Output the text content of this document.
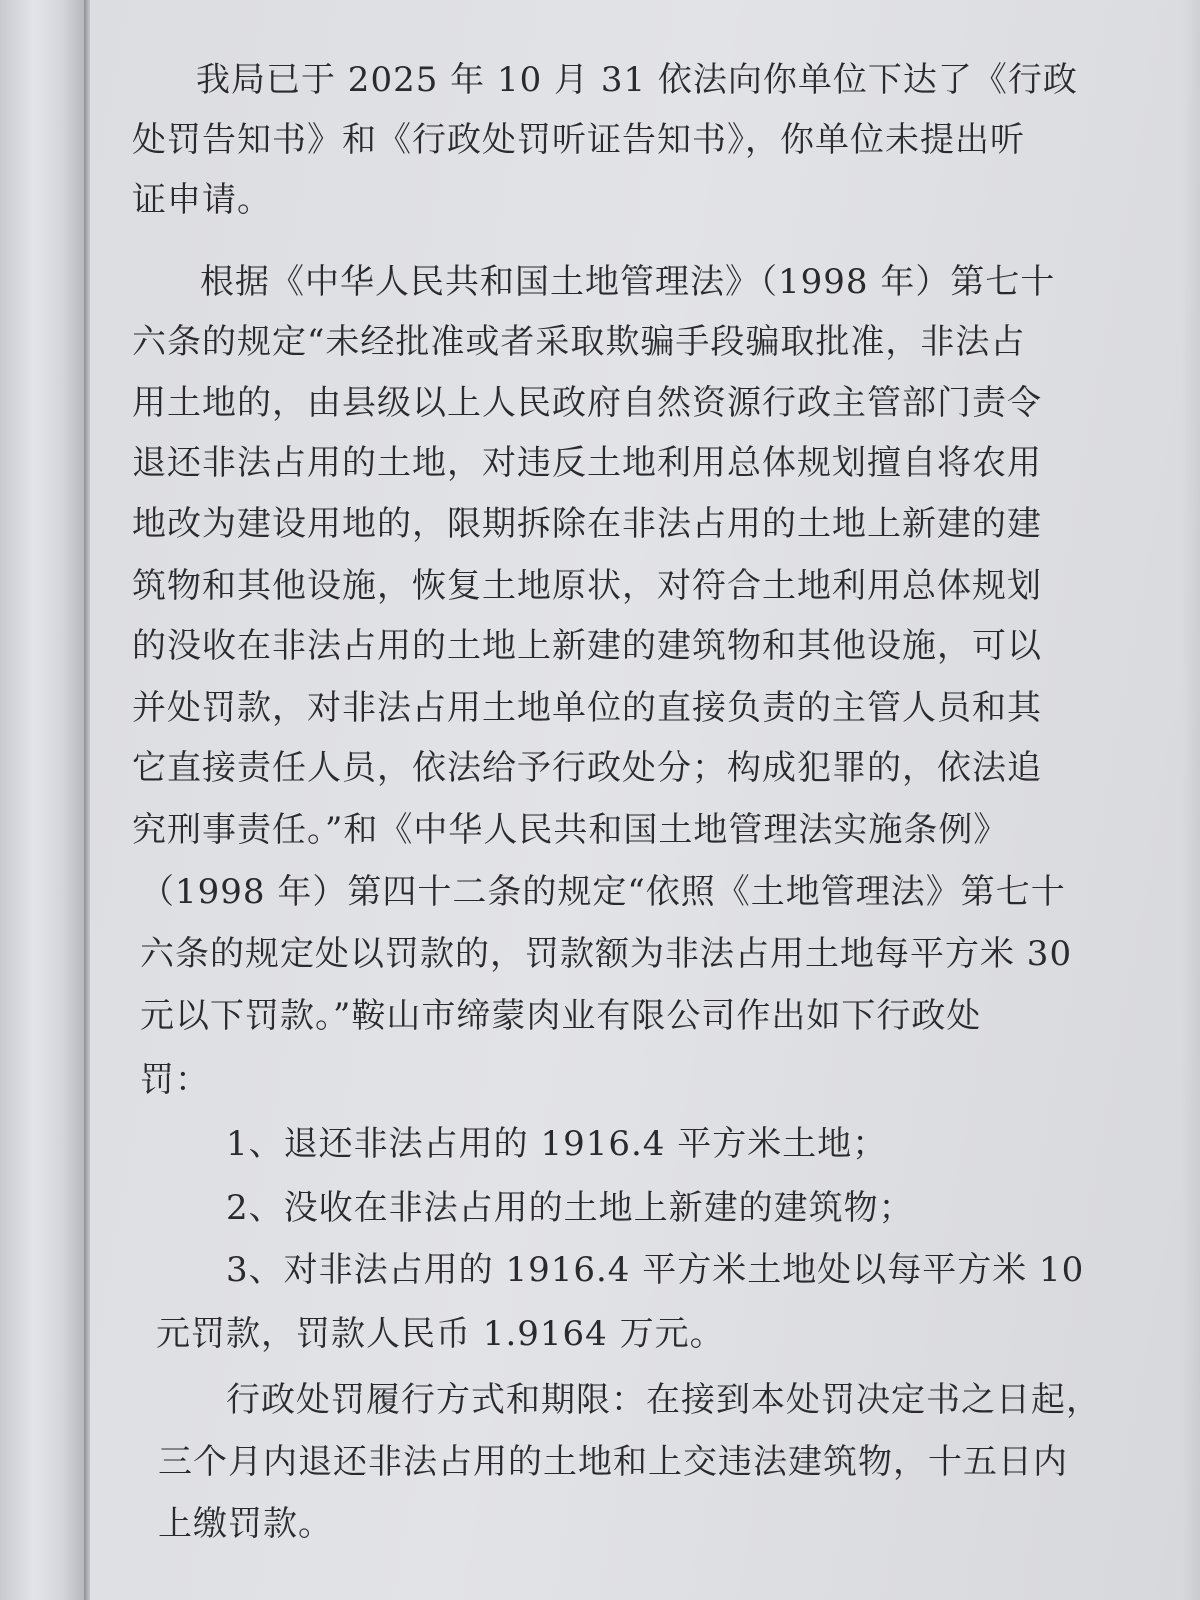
我局已于 2025 年 10 月 31 依法向你单位下达了《行政
处罚告知书》和《行政处罚听证告知书》，你单位未提出听
证申请。
根据《中华人民共和国土地管理法》（1998 年）第七十
六条的规定“未经批准或者采取欺骗手段骗取批准，非法占
用土地的，由县级以上人民政府自然资源行政主管部门责令
退还非法占用的土地，对违反土地利用总体规划擅自将农用
地改为建设用地的，限期拆除在非法占用的土地上新建的建
筑物和其他设施，恢复土地原状，对符合土地利用总体规划
的没收在非法占用的土地上新建的建筑物和其他设施，可以
并处罚款，对非法占用土地单位的直接负责的主管人员和其
它直接责任人员，依法给予行政处分；构成犯罪的，依法追
究刑事责任。”和《中华人民共和国土地管理法实施条例》
（1998 年）第四十二条的规定“依照《土地管理法》第七十
六条的规定处以罚款的，罚款额为非法占用土地每平方米 30
元以下罚款。”鞍山市缔蒙肉业有限公司作出如下行政处
罚：
1、退还非法占用的 1916.4 平方米土地；
2、没收在非法占用的土地上新建的建筑物；
3、对非法占用的 1916.4 平方米土地处以每平方米 10
元罚款，罚款人民币 1.9164 万元。
行政处罚履行方式和期限：在接到本处罚决定书之日起，
三个月内退还非法占用的土地和上交违法建筑物，十五日内
上缴罚款。
